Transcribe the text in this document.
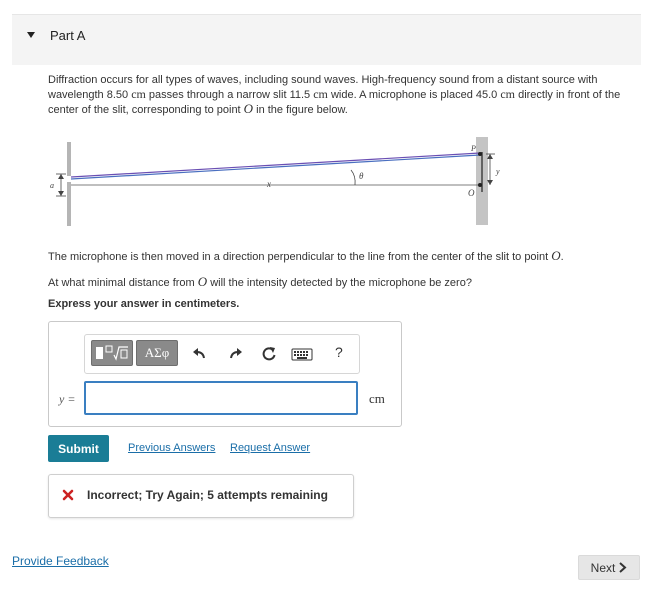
Part A
Diffraction occurs for all types of waves, including sound waves. High-frequency sound from a distant source with wavelength 8.50 cm passes through a narrow slit 11.5 cm wide. A microphone is placed 45.0 cm directly in front of the center of the slit, corresponding to point O in the figure below.
a	x
θ
P
y
O
The microphone is then moved in a direction perpendicular to the line from the center of the slit to point O.
At what minimal distance from O will the intensity detected by the microphone be zero?
Express your answer in centimeters.
ΑΣφ	?
y =	cm
Submit	Previous Answers Request Answer
Incorrect; Try Again; 5 attempts remaining
Provide Feedback	Next
